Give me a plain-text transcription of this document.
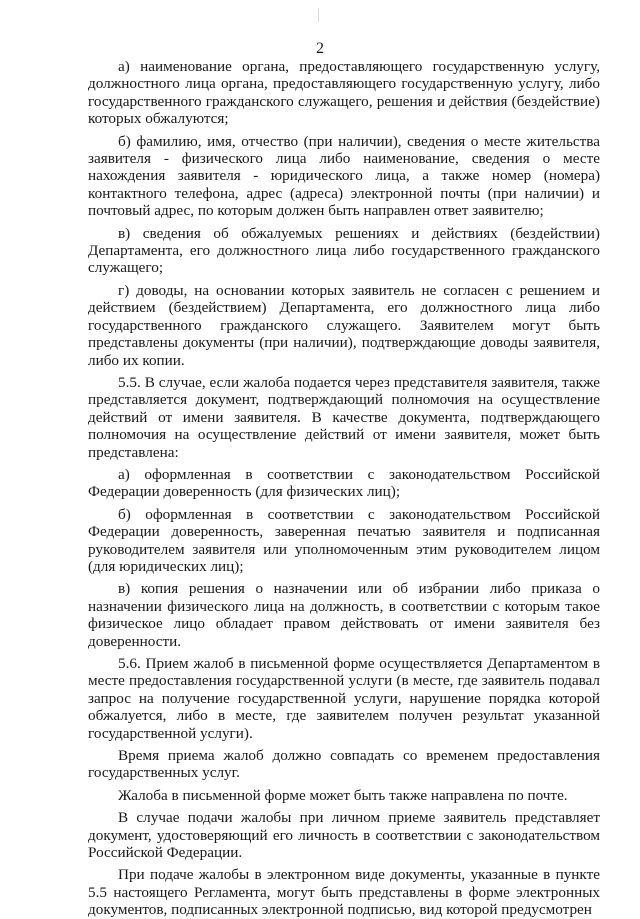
2

а) наименование органа, предоставляющего государственную услугу, должностного лица органа, предоставляющего государственную услугу, либо государственного гражданского служащего, решения и действия (бездействие) которых обжалуются;

б) фамилию, имя, отчество (при наличии), сведения о месте жительства заявителя - физического лица либо наименование, сведения о месте нахождения заявителя - юридического лица, а также номер (номера) контактного телефона, адрес (адреса) электронной почты (при наличии) и почтовый адрес, по которым должен быть направлен ответ заявителю;

в) сведения об обжалуемых решениях и действиях (бездействии) Департамента, его должностного лица либо государственного гражданского служащего;

г) доводы, на основании которых заявитель не согласен с решением и действием (бездействием) Департамента, его должностного лица либо государственного гражданского служащего. Заявителем могут быть представлены документы (при наличии), подтверждающие доводы заявителя, либо их копии.

5.5. В случае, если жалоба подается через представителя заявителя, также представляется документ, подтверждающий полномочия на осуществление действий от имени заявителя. В качестве документа, подтверждающего полномочия на осуществление действий от имени заявителя, может быть представлена:

а) оформленная в соответствии с законодательством Российской Федерации доверенность (для физических лиц);

б) оформленная в соответствии с законодательством Российской Федерации доверенность, заверенная печатью заявителя и подписанная руководителем заявителя или уполномоченным этим руководителем лицом (для юридических лиц);

в) копия решения о назначении или об избрании либо приказа о назначении физического лица на должность, в соответствии с которым такое физическое лицо обладает правом действовать от имени заявителя без доверенности.

5.6. Прием жалоб в письменной форме осуществляется Департаментом в месте предоставления государственной услуги (в месте, где заявитель подавал запрос на получение государственной услуги, нарушение порядка которой обжалуется, либо в месте, где заявителем получен результат указанной государственной услуги).

Время приема жалоб должно совпадать со временем предоставления государственных услуг.

Жалоба в письменной форме может быть также направлена по почте.

В случае подачи жалобы при личном приеме заявитель представляет документ, удостоверяющий его личность в соответствии с законодательством Российской Федерации.

При подаче жалобы в электронном виде документы, указанные в пункте 5.5 настоящего Регламента, могут быть представлены в форме электронных документов, подписанных электронной подписью, вид которой предусмотрен
